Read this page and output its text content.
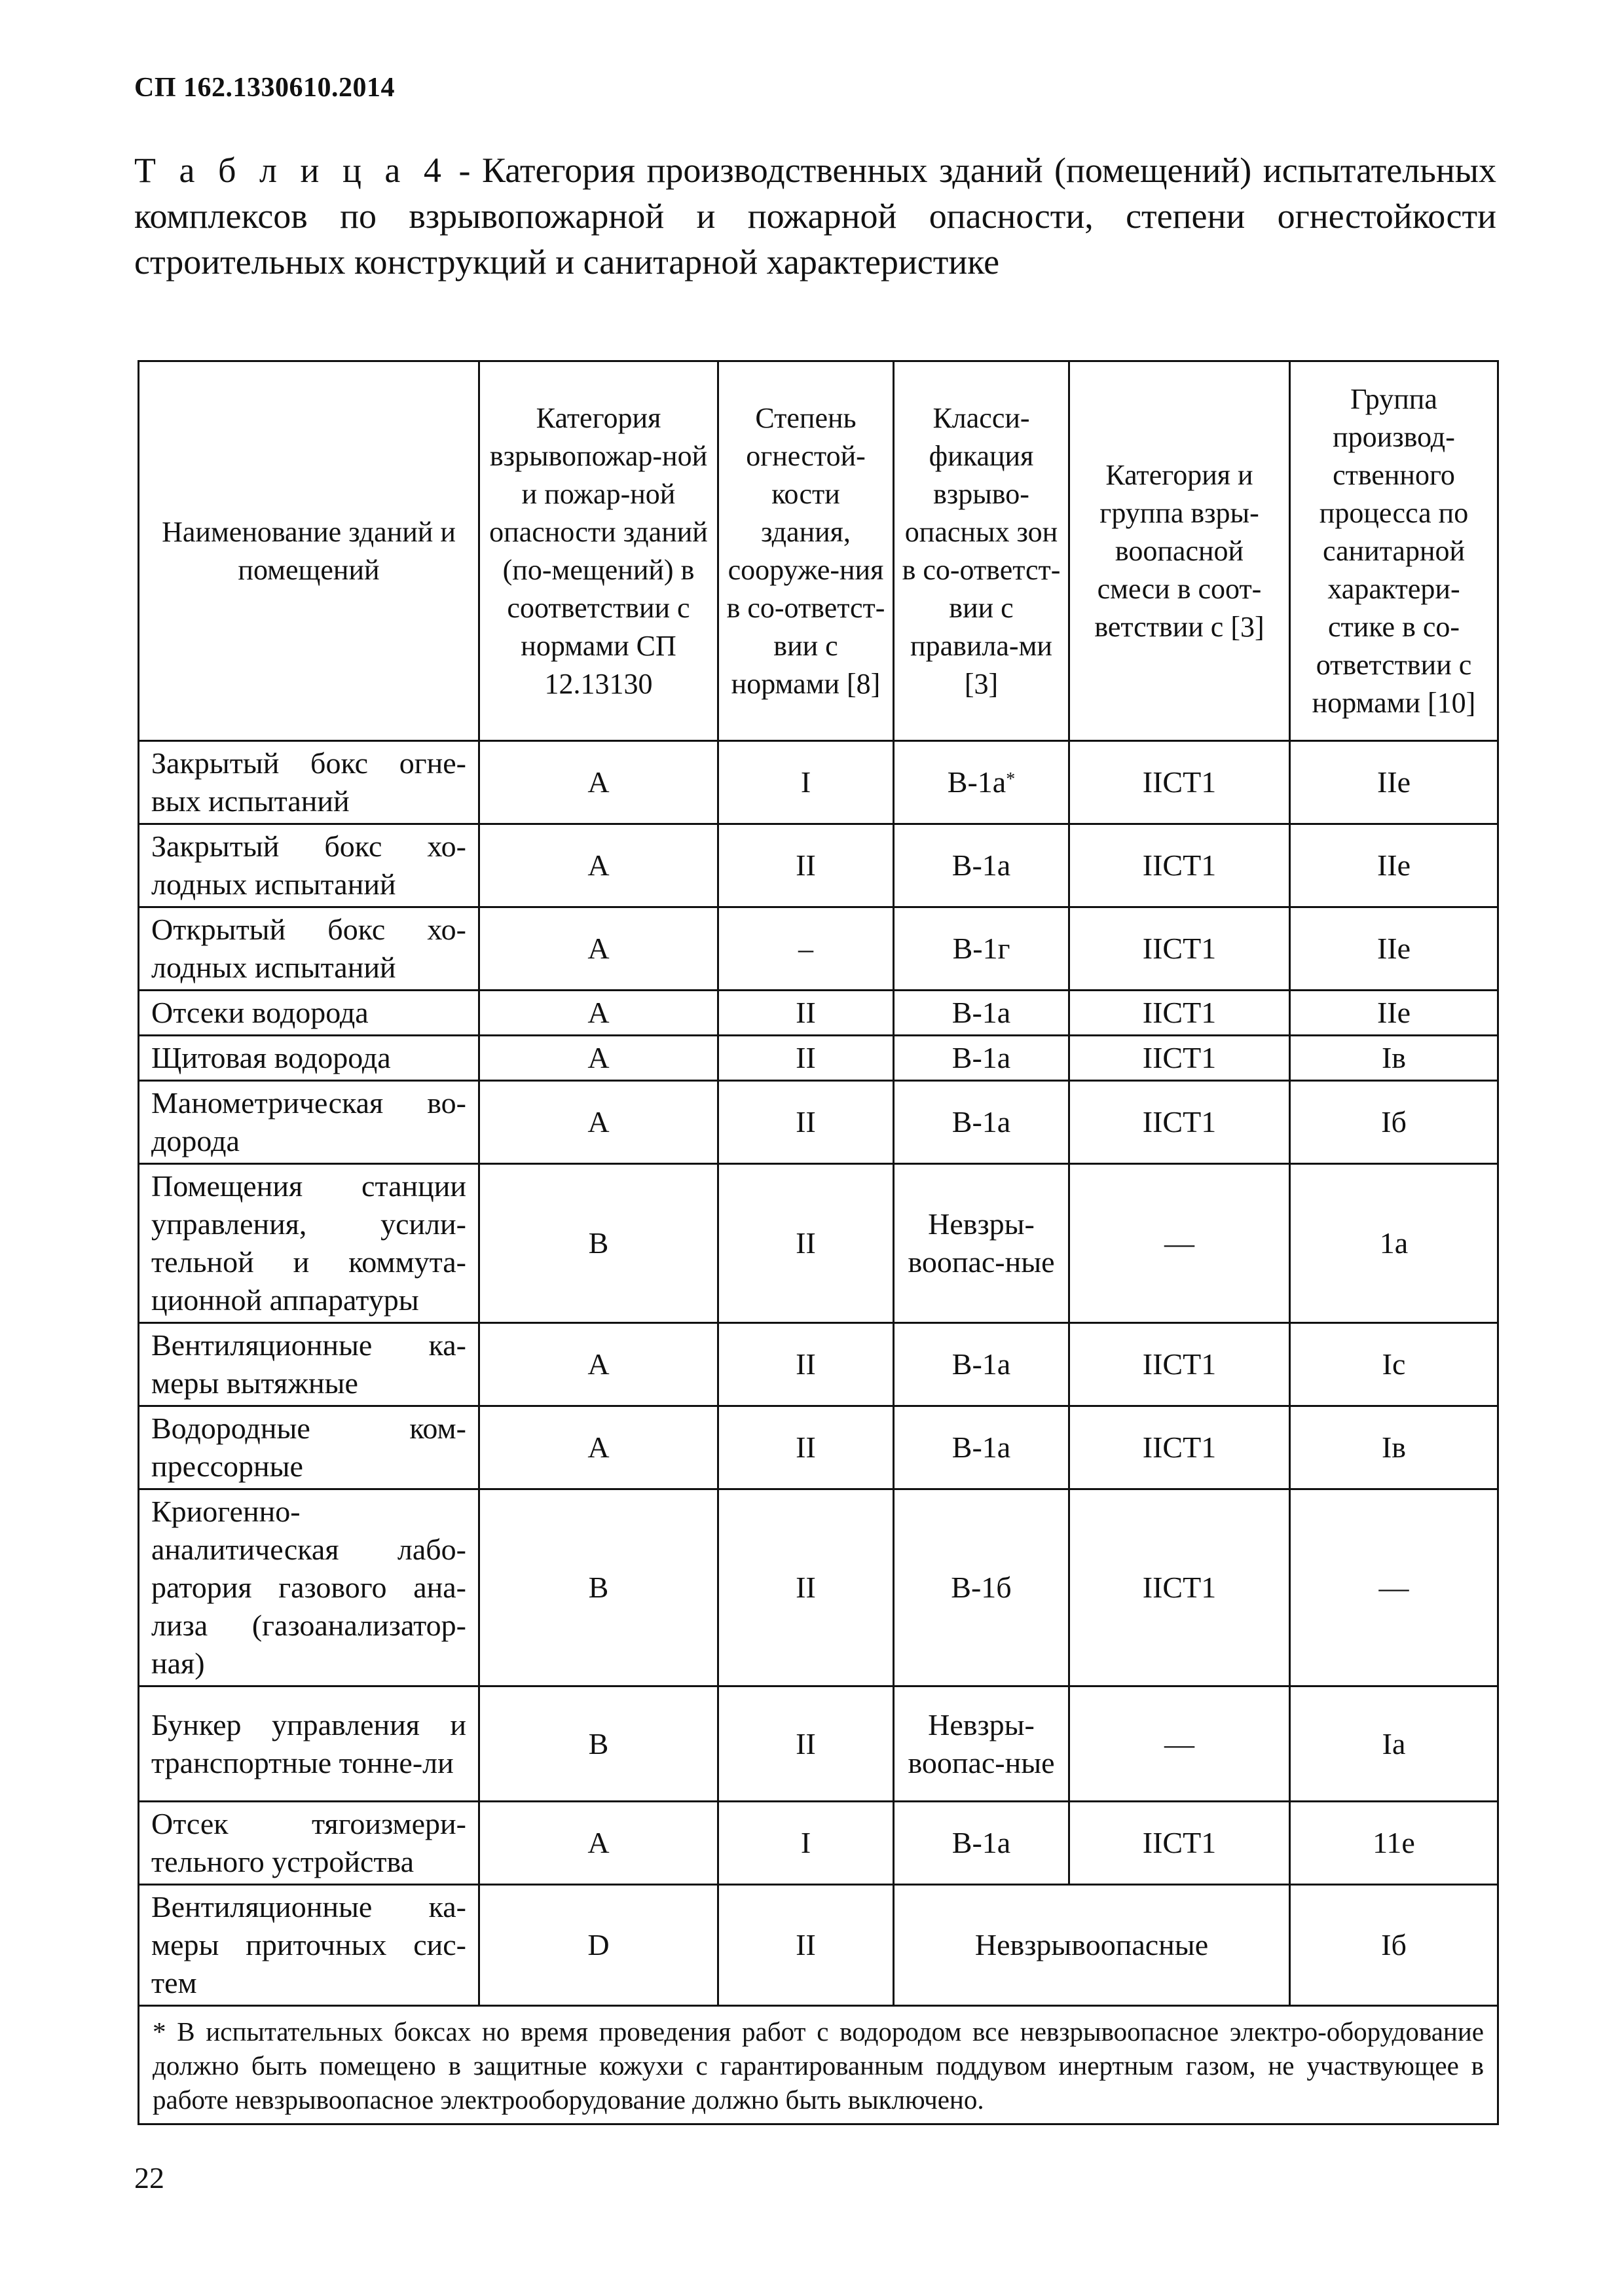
СП 162.1330610.2014
Т а б л и ц а 4 - Категория производственных зданий (помещений) испытательных комплексов по взрывопожарной и пожарной опасности, степени огнестойкости строительных конструкций и санитарной характеристике
Наименование зданий и помещений	Категория взрывопожар-ной и пожар-ной опасности зданий (по-мещений) в соответствии с нормами СП 12.13130	Степень огнестой-кости здания, сооруже-ния в со-ответст-вии с нормами [8]	Класси-фикация взрыво-опасных зон в со-ответст-вии с правила-ми [3]	Категория и группа взры-воопасной смеси в соот-ветствии с [3]	Группа производ-ственного процесса по санитарной характери-стике в со-ответствии с нормами [10]
Закрытый бокс огне-вых испытаний	А	I	В-1а*	IIСТ1	IIе
Закрытый бокс хо-лодных испытаний	А	II	В-1а	IIСТ1	IIе
Открытый бокс хо-лодных испытаний	А	–	В-1г	IIСТ1	IIе
Отсеки водорода	А	II	В-1а	IIСТ1	IIе
Щитовая водорода	А	II	В-1а	IIСТ1	Iв
Манометрическая во-дорода	А	II	В-1а	IIСТ1	Iб
Помещения станции управления, усили-тельной и коммута-ционной аппаратуры	В	II	Невзры-воопас-ные	—	1а
Вентиляционные ка-меры вытяжные	А	II	В-1а	IIСТ1	Iс
Водородные ком-прессорные	А	II	В-1а	IIСТ1	Iв
Криогенно-аналитическая лабо-ратория газового ана-лиза (газоанализатор-ная)	В	II	В-1б	IIСТ1	—
Бункер управления и транспортные тонне-ли	В	II	Невзры-воопас-ные	—	Iа
Отсек тягоизмери-тельного устройства	А	I	В-1а	IIСТ1	11е
Вентиляционные ка-меры приточных сис-тем	D	II	Невзрывоопасные		Iб
* В испытательных боксах но время проведения работ с водородом все невзрывоопасное электро-оборудование должно быть помещено в защитные кожухи с гарантированным поддувом инертным газом, не участвующее в работе невзрывоопасное электрооборудование должно быть выключено.					
22
